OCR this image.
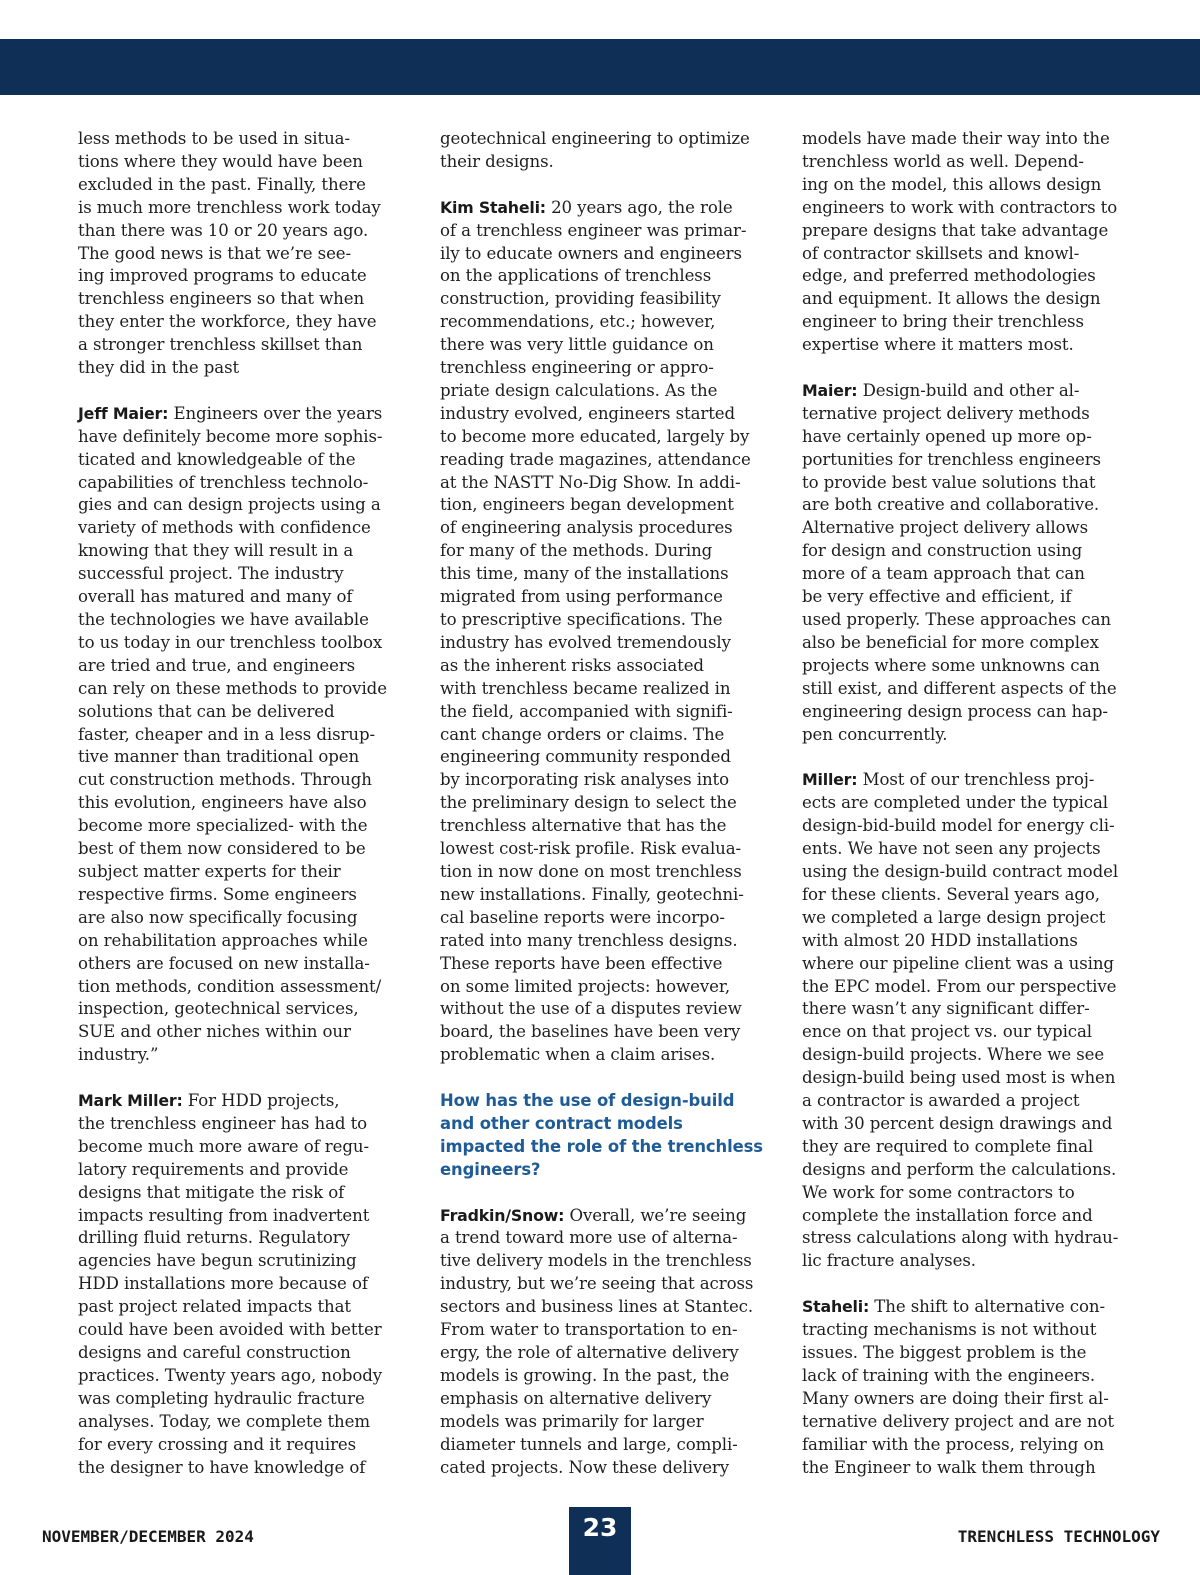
less methods to be used in situa-
tions where they would have been
excluded in the past. Finally, there
is much more trenchless work today
than there was 10 or 20 years ago.
The good news is that we’re see-
ing improved programs to educate
trenchless engineers so that when
they enter the workforce, they have
a stronger trenchless skillset than
they did in the past

Jeff Maier: Engineers over the years
have definitely become more sophis-
ticated and knowledgeable of the
capabilities of trenchless technolo-
gies and can design projects using a
variety of methods with confidence
knowing that they will result in a
successful project. The industry
overall has matured and many of
the technologies we have available
to us today in our trenchless toolbox
are tried and true, and engineers
can rely on these methods to provide
solutions that can be delivered
faster, cheaper and in a less disrup-
tive manner than traditional open
cut construction methods. Through
this evolution, engineers have also
become more specialized- with the
best of them now considered to be
subject matter experts for their
respective firms. Some engineers
are also now specifically focusing
on rehabilitation approaches while
others are focused on new installa-
tion methods, condition assessment/
inspection, geotechnical services,
SUE and other niches within our
industry.”

Mark Miller: For HDD projects,
the trenchless engineer has had to
become much more aware of regu-
latory requirements and provide
designs that mitigate the risk of
impacts resulting from inadvertent
drilling fluid returns. Regulatory
agencies have begun scrutinizing
HDD installations more because of
past project related impacts that
could have been avoided with better
designs and careful construction
practices. Twenty years ago, nobody
was completing hydraulic fracture
analyses. Today, we complete them
for every crossing and it requires
the designer to have knowledge of

geotechnical engineering to optimize
their designs.

Kim Staheli: 20 years ago, the role
of a trenchless engineer was primar-
ily to educate owners and engineers
on the applications of trenchless
construction, providing feasibility
recommendations, etc.; however,
there was very little guidance on
trenchless engineering or appro-
priate design calculations. As the
industry evolved, engineers started
to become more educated, largely by
reading trade magazines, attendance
at the NASTT No-Dig Show. In addi-
tion, engineers began development
of engineering analysis procedures
for many of the methods. During
this time, many of the installations
migrated from using performance
to prescriptive specifications. The
industry has evolved tremendously
as the inherent risks associated
with trenchless became realized in
the field, accompanied with signifi-
cant change orders or claims. The
engineering community responded
by incorporating risk analyses into
the preliminary design to select the
trenchless alternative that has the
lowest cost-risk profile. Risk evalua-
tion in now done on most trenchless
new installations. Finally, geotechni-
cal baseline reports were incorpo-
rated into many trenchless designs.
These reports have been effective
on some limited projects: however,
without the use of a disputes review
board, the baselines have been very
problematic when a claim arises.

How has the use of design-build
and other contract models
impacted the role of the trenchless
engineers?

Fradkin/Snow: Overall, we’re seeing
a trend toward more use of alterna-
tive delivery models in the trenchless
industry, but we’re seeing that across
sectors and business lines at Stantec.
From water to transportation to en-
ergy, the role of alternative delivery
models is growing. In the past, the
emphasis on alternative delivery
models was primarily for larger
diameter tunnels and large, compli-
cated projects. Now these delivery

models have made their way into the
trenchless world as well. Depend-
ing on the model, this allows design
engineers to work with contractors to
prepare designs that take advantage
of contractor skillsets and knowl-
edge, and preferred methodologies
and equipment. It allows the design
engineer to bring their trenchless
expertise where it matters most.

Maier: Design-build and other al-
ternative project delivery methods
have certainly opened up more op-
portunities for trenchless engineers
to provide best value solutions that
are both creative and collaborative.
Alternative project delivery allows
for design and construction using
more of a team approach that can
be very effective and efficient, if
used properly. These approaches can
also be beneficial for more complex
projects where some unknowns can
still exist, and different aspects of the
engineering design process can hap-
pen concurrently.

Miller: Most of our trenchless proj-
ects are completed under the typical
design-bid-build model for energy cli-
ents. We have not seen any projects
using the design-build contract model
for these clients. Several years ago,
we completed a large design project
with almost 20 HDD installations
where our pipeline client was a using
the EPC model. From our perspective
there wasn’t any significant differ-
ence on that project vs. our typical
design-build projects. Where we see
design-build being used most is when
a contractor is awarded a project
with 30 percent design drawings and
they are required to complete final
designs and perform the calculations.
We work for some contractors to
complete the installation force and
stress calculations along with hydrau-
lic fracture analyses.

Staheli: The shift to alternative con-
tracting mechanisms is not without
issues. The biggest problem is the
lack of training with the engineers.
Many owners are doing their first al-
ternative delivery project and are not
familiar with the process, relying on
the Engineer to walk them through

NOVEMBER/DECEMBER 2024	23	TRENCHLESS TECHNOLOGY
